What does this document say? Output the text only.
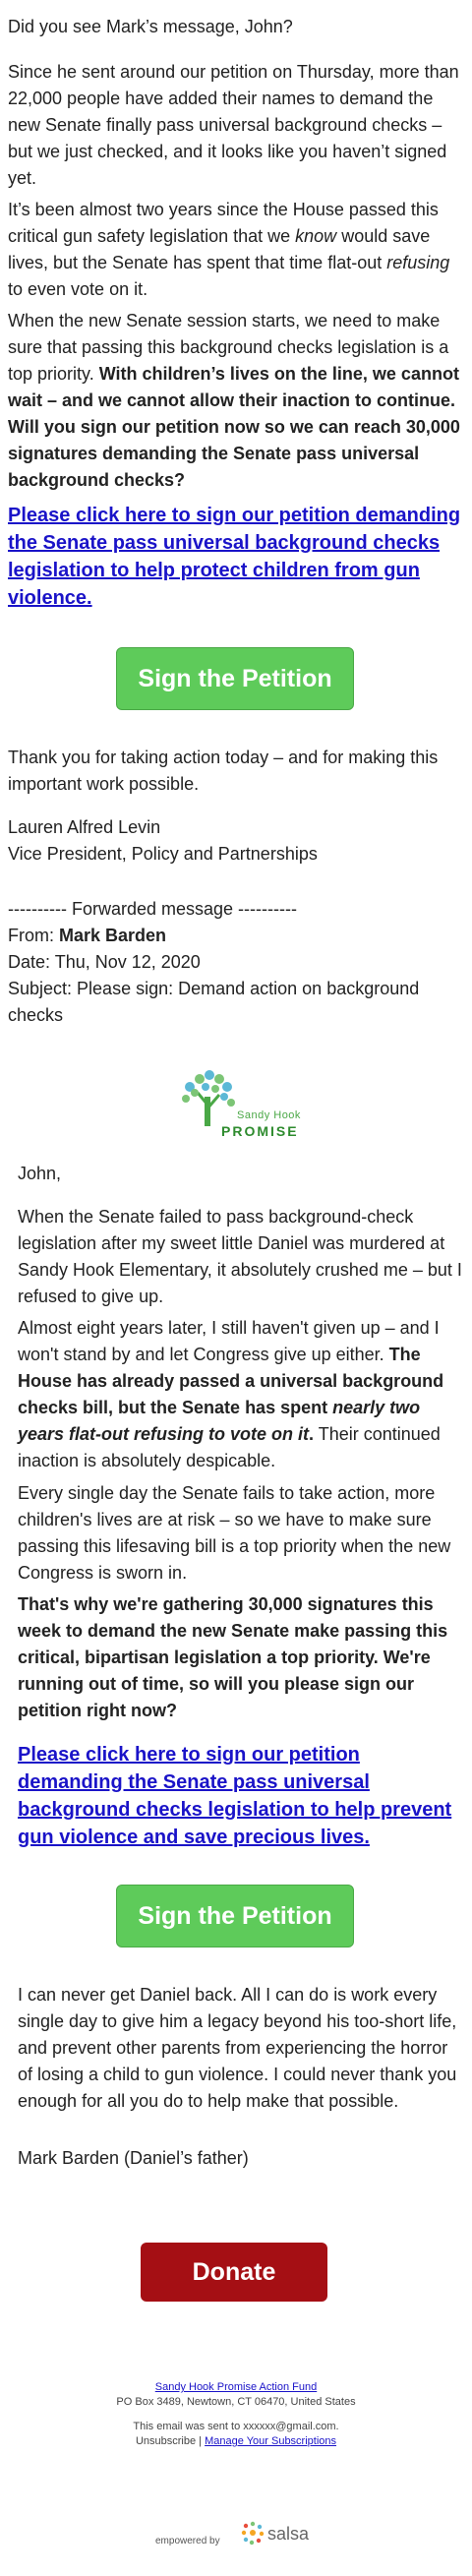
Did you see Mark’s message, John?

Since he sent around our petition on Thursday, more than 22,000 people have added their names to demand the new Senate finally pass universal background checks – but we just checked, and it looks like you haven’t signed yet.

It’s been almost two years since the House passed this critical gun safety legislation that we know would save lives, but the Senate has spent that time flat-out refusing to even vote on it.

When the new Senate session starts, we need to make sure that passing this background checks legislation is a top priority. With children’s lives on the line, we cannot wait – and we cannot allow their inaction to continue. Will you sign our petition now so we can reach 30,000 signatures demanding the Senate pass universal background checks?

Please click here to sign our petition demanding the Senate pass universal background checks legislation to help protect children from gun violence.

Sign the Petition

Thank you for taking action today – and for making this important work possible.

Lauren Alfred Levin

Vice President, Policy and Partnerships

---------- Forwarded message ----------

From: Mark Barden

Date: Thu, Nov 12, 2020

Subject: Please sign: Demand action on background checks

Sandy Hook
PROMISE

John,

When the Senate failed to pass background-check legislation after my sweet little Daniel was murdered at Sandy Hook Elementary, it absolutely crushed me – but I refused to give up.

Almost eight years later, I still haven't given up – and I won't stand by and let Congress give up either. The House has already passed a universal background checks bill, but the Senate has spent nearly two years flat-out refusing to vote on it. Their continued inaction is absolutely despicable.

Every single day the Senate fails to take action, more children's lives are at risk – so we have to make sure passing this lifesaving bill is a top priority when the new Congress is sworn in.

That's why we're gathering 30,000 signatures this week to demand the new Senate make passing this critical, bipartisan legislation a top priority. We're running out of time, so will you please sign our petition right now?

Please click here to sign our petition demanding the Senate pass universal background checks legislation to help prevent gun violence and save precious lives.

Sign the Petition

I can never get Daniel back. All I can do is work every single day to give him a legacy beyond his too-short life, and prevent other parents from experiencing the horror of losing a child to gun violence. I could never thank you enough for all you do to help make that possible.

Mark Barden (Daniel’s father)

Donate
Sandy Hook Promise Action Fund
PO Box 3489, Newtown, CT 06470, United States
This email was sent to xxxxxx@gmail.com.
Unsubscribe | Manage Your Subscriptions
empowered by	salsa
